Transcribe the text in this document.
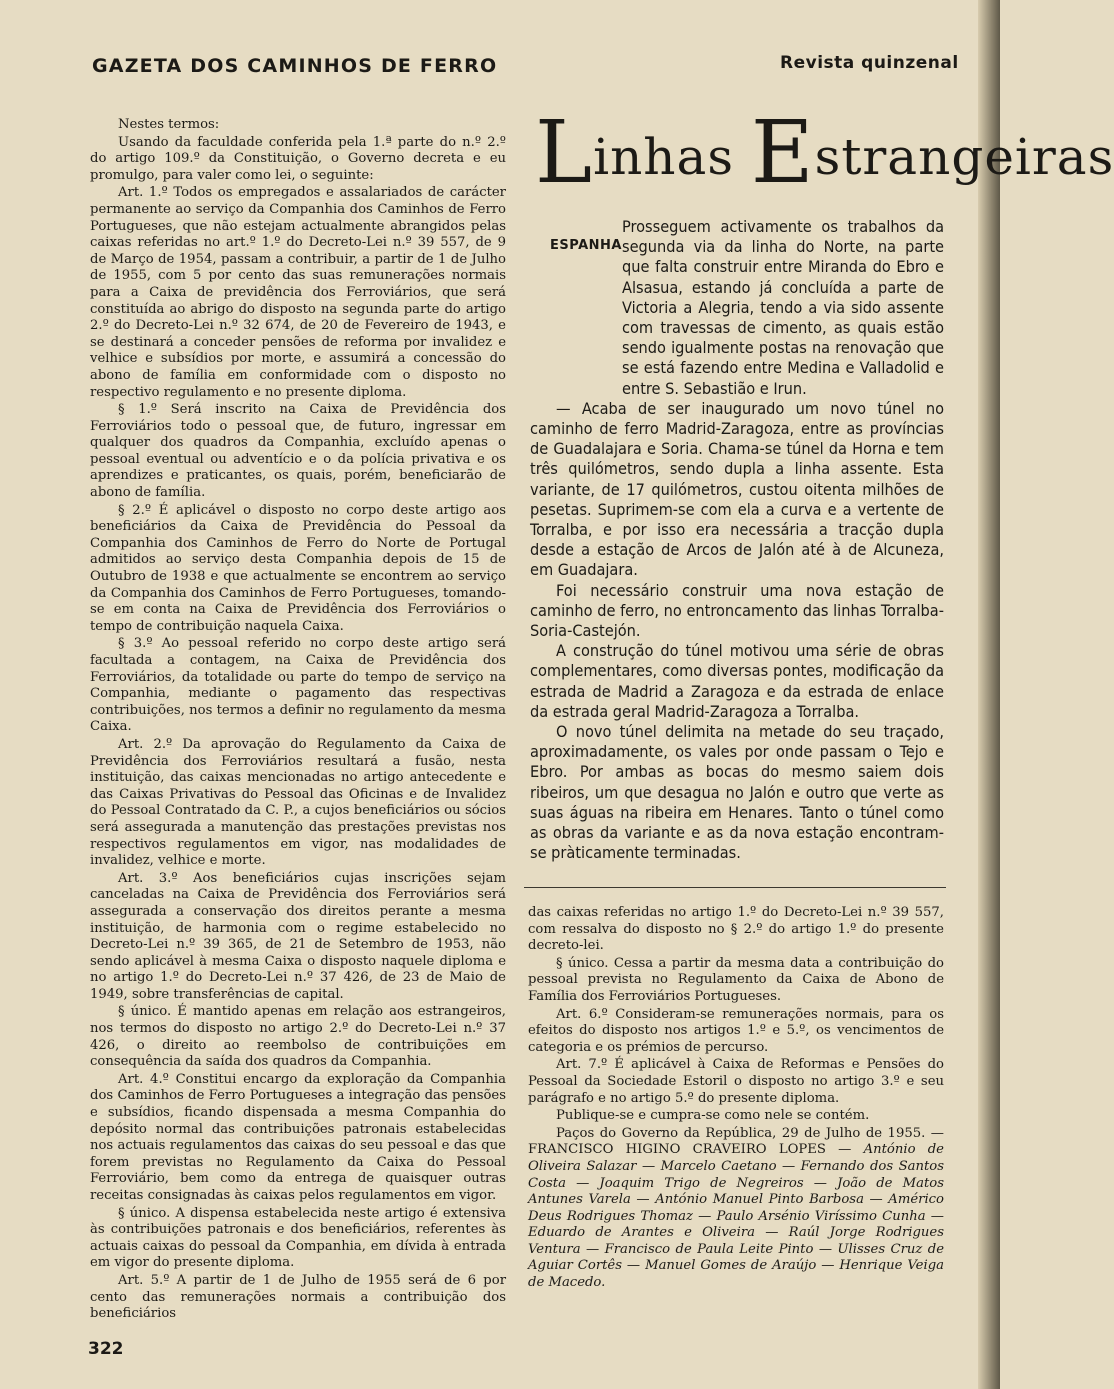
GAZETA DOS CAMINHOS DE FERRO	Revista quinzenal

Nestes termos:

Usando da faculdade conferida pela 1.ª parte do n.º 2.º do artigo 109.º da Constituição, o Governo decreta e eu promulgo, para valer como lei, o seguinte:

Art. 1.º Todos os empregados e assalariados de carácter permanente ao serviço da Companhia dos Caminhos de Ferro Portugueses, que não estejam actualmente abrangidos pelas caixas referidas no art.º 1.º do Decreto-Lei n.º 39 557, de 9 de Março de 1954, passam a contribuir, a partir de 1 de Julho de 1955, com 5 por cento das suas remunerações normais para a Caixa de previdência dos Ferroviários, que será constituída ao abrigo do disposto na segunda parte do artigo 2.º do Decreto-Lei n.º 32 674, de 20 de Fevereiro de 1943, e se destinará a conceder pensões de reforma por invalidez e velhice e subsídios por morte, e assumirá a concessão do abono de família em conformidade com o disposto no respectivo regulamento e no presente diploma.

§ 1.º Será inscrito na Caixa de Previdência dos Ferroviários todo o pessoal que, de futuro, ingressar em qualquer dos quadros da Companhia, excluído apenas o pessoal eventual ou adventício e o da polícia privativa e os aprendizes e praticantes, os quais, porém, beneficiarão de abono de família.

§ 2.º É aplicável o disposto no corpo deste artigo aos beneficiários da Caixa de Previdência do Pessoal da Companhia dos Caminhos de Ferro do Norte de Portugal admitidos ao serviço desta Companhia depois de 15 de Outubro de 1938 e que actualmente se encontrem ao serviço da Companhia dos Caminhos de Ferro Portugueses, tomando-se em conta na Caixa de Previdência dos Ferroviários o tempo de contribuição naquela Caixa.

§ 3.º Ao pessoal referido no corpo deste artigo será facultada a contagem, na Caixa de Previdência dos Ferroviários, da totalidade ou parte do tempo de serviço na Companhia, mediante o pagamento das respectivas contribuições, nos termos a definir no regulamento da mesma Caixa.

Art. 2.º Da aprovação do Regulamento da Caixa de Previdência dos Ferroviários resultará a fusão, nesta instituição, das caixas mencionadas no artigo antecedente e das Caixas Privativas do Pessoal das Oficinas e de Invalidez do Pessoal Contratado da C. P., a cujos beneficiários ou sócios será assegurada a manutenção das prestações previstas nos respectivos regulamentos em vigor, nas modalidades de invalidez, velhice e morte.

Art. 3.º Aos beneficiários cujas inscrições sejam canceladas na Caixa de Previdência dos Ferroviários será assegurada a conservação dos direitos perante a mesma instituição, de harmonia com o regime estabelecido no Decreto-Lei n.º 39 365, de 21 de Setembro de 1953, não sendo aplicável à mesma Caixa o disposto naquele diploma e no artigo 1.º do Decreto-Lei n.º 37 426, de 23 de Maio de 1949, sobre transferências de capital.

§ único. É mantido apenas em relação aos estrangeiros, nos termos do disposto no artigo 2.º do Decreto-Lei n.º 37 426, o direito ao reembolso de contribuições em consequência da saída dos quadros da Companhia.

Art. 4.º Constitui encargo da exploração da Companhia dos Caminhos de Ferro Portugueses a integração das pensões e subsídios, ficando dispensada a mesma Companhia do depósito normal das contribuições patronais estabelecidas nos actuais regulamentos das caixas do seu pessoal e das que forem previstas no Regulamento da Caixa do Pessoal Ferroviário, bem como da entrega de quaisquer outras receitas consignadas às caixas pelos regulamentos em vigor.

§ único. A dispensa estabelecida neste artigo é extensiva às contribuições patronais e dos beneficiários, referentes às actuais caixas do pessoal da Companhia, em dívida à entrada em vigor do presente diploma.

Art. 5.º A partir de 1 de Julho de 1955 será de 6 por cento das remunerações normais a contribuição dos beneficiários

Linhas Estrangeiras
ESPANHA

Prosseguem activamente os trabalhos da segunda via da linha do Norte, na parte que falta construir entre Miranda do Ebro e Alsasua, estando já concluída a parte de Victoria a Alegria, tendo a via sido assente com travessas de cimento, as quais estão sendo igualmente postas na renovação que se está fazendo entre Medina e Valladolid e entre S. Sebastião e Irun.

— Acaba de ser inaugurado um novo túnel no caminho de ferro Madrid-Zaragoza, entre as províncias de Guadalajara e Soria. Chama-se túnel da Horna e tem três quilómetros, sendo dupla a linha assente. Esta variante, de 17 quilómetros, custou oitenta milhões de pesetas. Suprimem-se com ela a curva e a vertente de Torralba, e por isso era necessária a tracção dupla desde a estação de Arcos de Jalón até à de Alcuneza, em Guadajara.

Foi necessário construir uma nova estação de caminho de ferro, no entroncamento das linhas Torralba-Soria-Castejón.

A construção do túnel motivou uma série de obras complementares, como diversas pontes, modificação da estrada de Madrid a Zaragoza e da estrada de enlace da estrada geral Madrid-Zaragoza a Torralba.

O novo túnel delimita na metade do seu traçado, aproximadamente, os vales por onde passam o Tejo e Ebro. Por ambas as bocas do mesmo saiem dois ribeiros, um que desagua no Jalón e outro que verte as suas águas na ribeira em Henares. Tanto o túnel como as obras da variante e as da nova estação encontram-se pràticamente terminadas.

das caixas referidas no artigo 1.º do Decreto-Lei n.º 39 557, com ressalva do disposto no § 2.º do artigo 1.º do presente decreto-lei.

§ único. Cessa a partir da mesma data a contribuição do pessoal prevista no Regulamento da Caixa de Abono de Família dos Ferroviários Portugueses.

Art. 6.º Consideram-se remunerações normais, para os efeitos do disposto nos artigos 1.º e 5.º, os vencimentos de categoria e os prémios de percurso.

Art. 7.º É aplicável à Caixa de Reformas e Pensões do Pessoal da Sociedade Estoril o disposto no artigo 3.º e seu parágrafo e no artigo 5.º do presente diploma.

Publique-se e cumpra-se como nele se contém.

Paços do Governo da República, 29 de Julho de 1955. — FRANCISCO HIGINO CRAVEIRO LOPES — António de Oliveira Salazar — Marcelo Caetano — Fernando dos Santos Costa — Joaquim Trigo de Negreiros — João de Matos Antunes Varela — António Manuel Pinto Barbosa — Américo Deus Rodrigues Thomaz — Paulo Arsénio Viríssimo Cunha — Eduardo de Arantes e Oliveira — Raúl Jorge Rodrigues Ventura — Francisco de Paula Leite Pinto — Ulisses Cruz de Aguiar Cortês — Manuel Gomes de Araújo — Henrique Veiga de Macedo.

322
